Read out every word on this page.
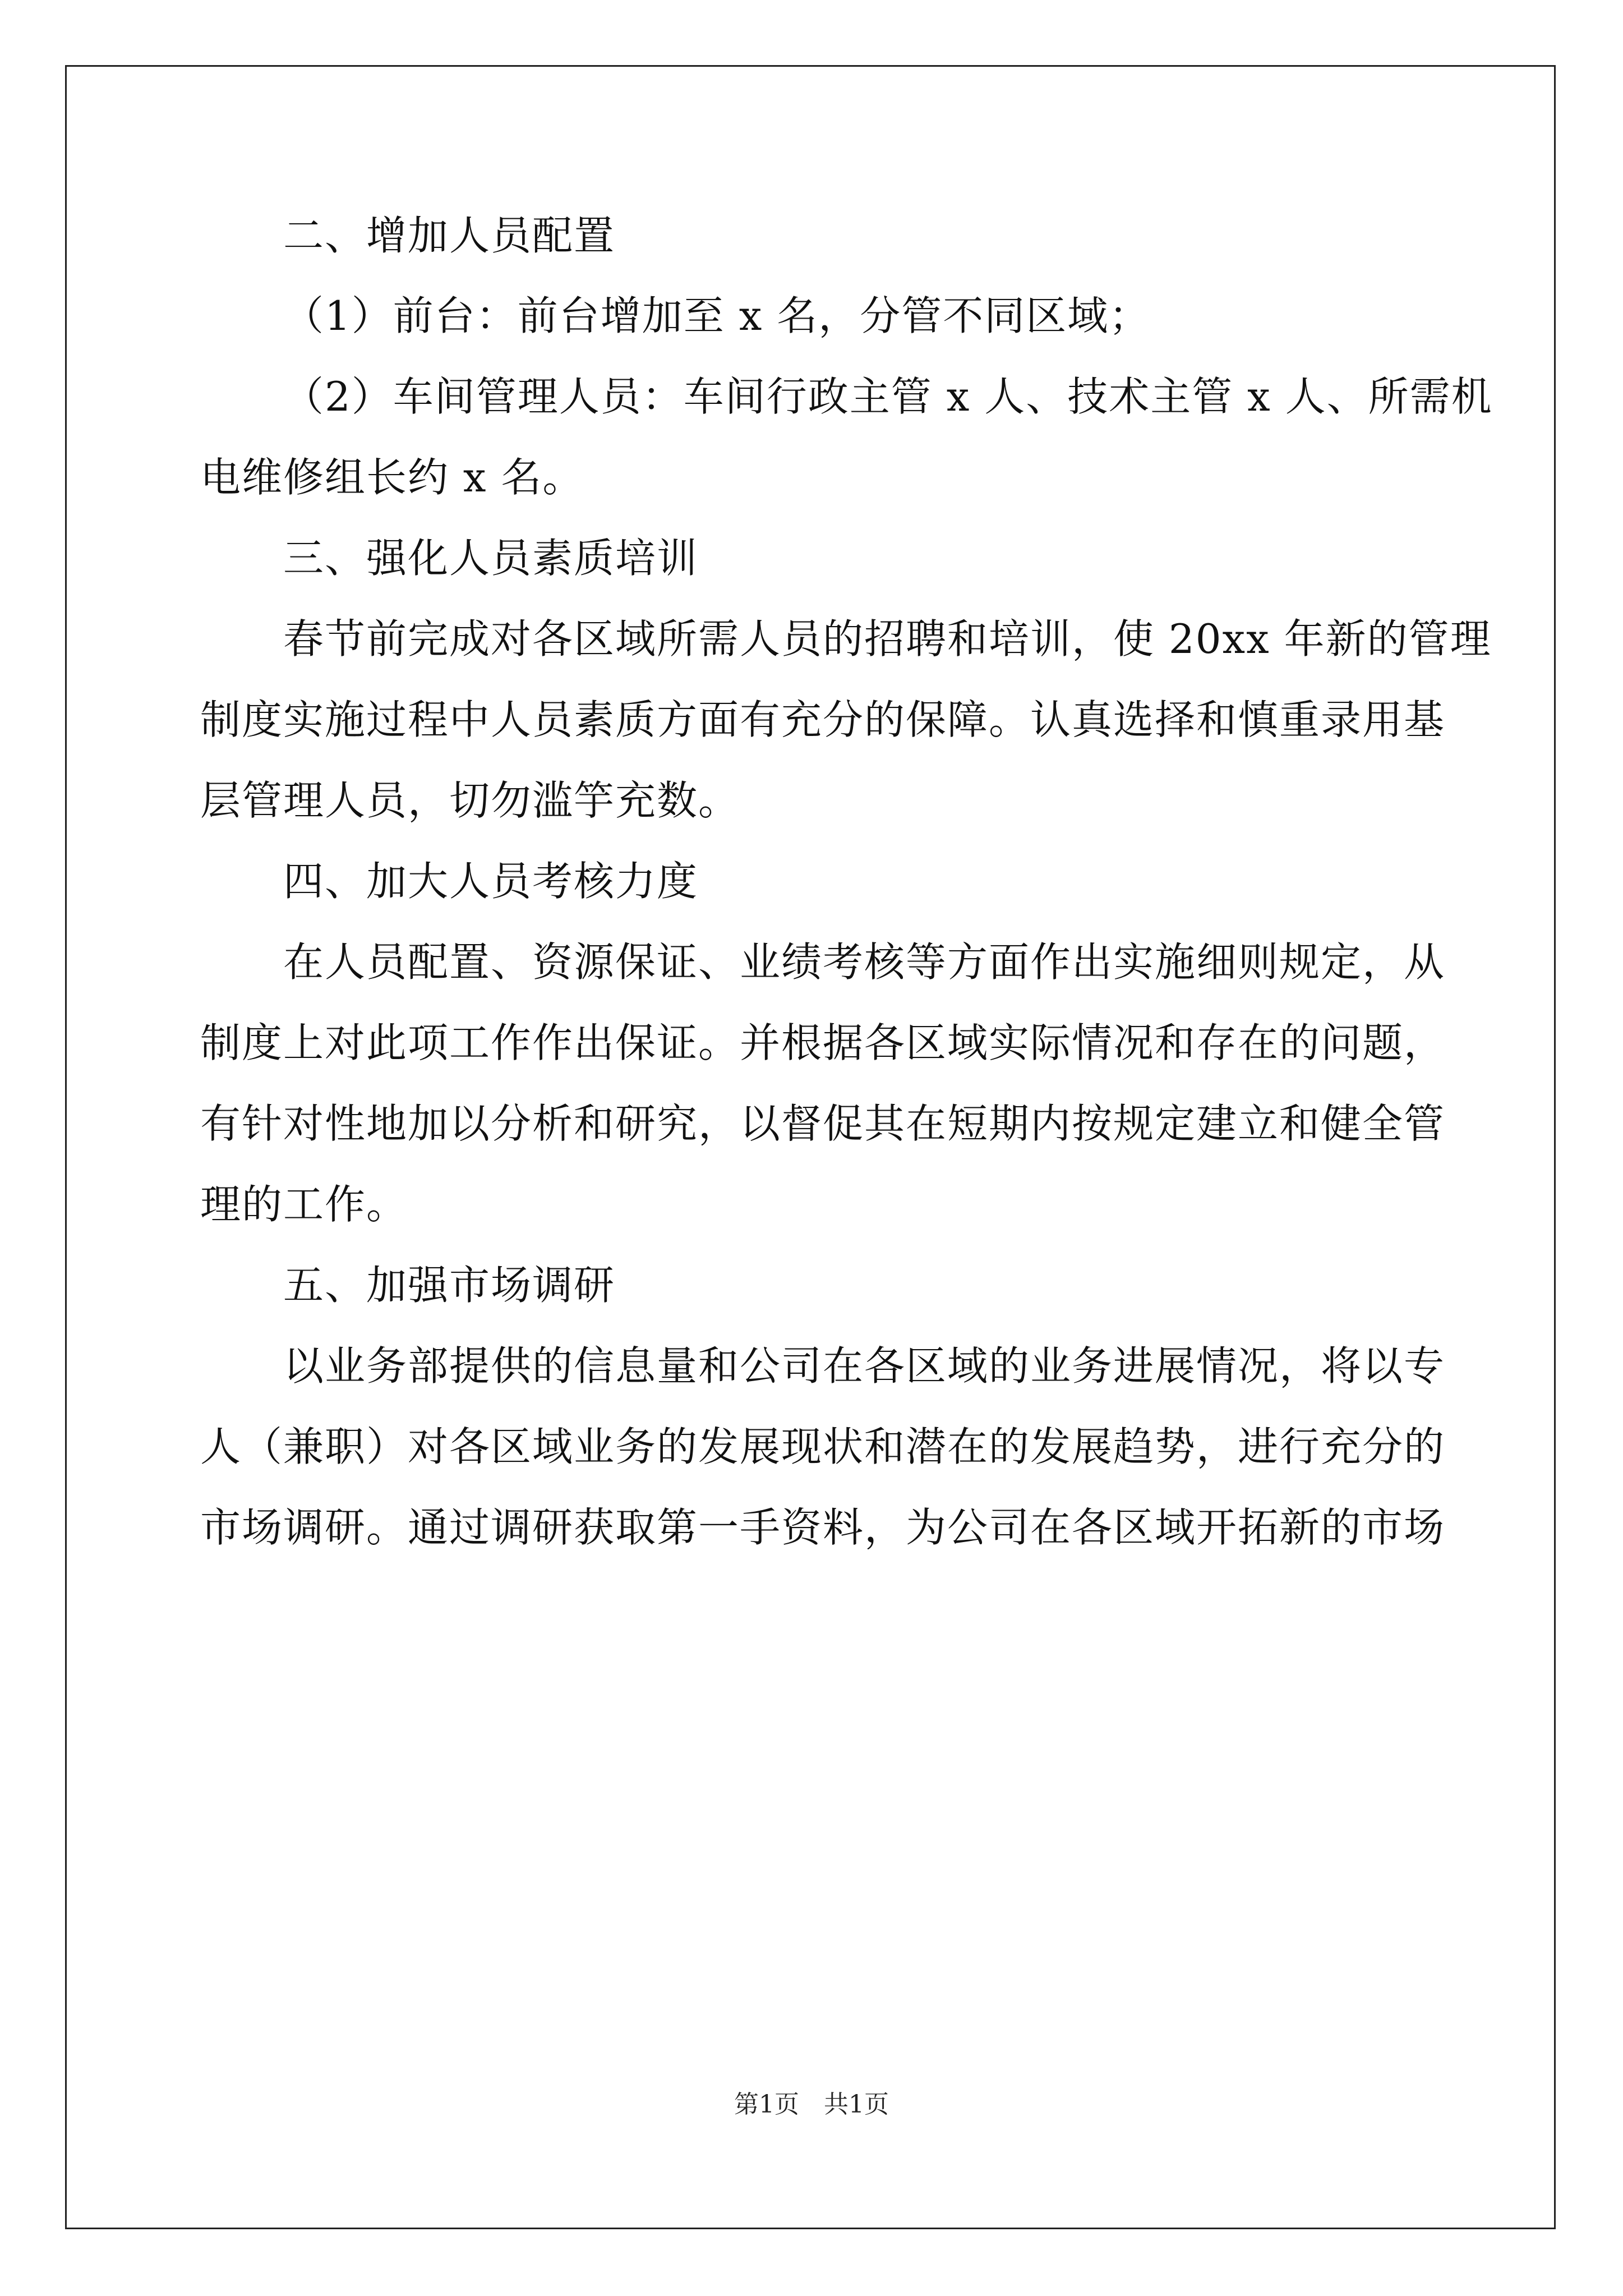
二、增加人员配置
（1）前台：前台增加至 x 名，分管不同区域；
（2）车间管理人员：车间行政主管 x 人、技术主管 x 人、所需机
电维修组长约 x 名。
三、强化人员素质培训
春节前完成对各区域所需人员的招聘和培训，使 20xx 年新的管理
制度实施过程中人员素质方面有充分的保障。认真选择和慎重录用基
层管理人员，切勿滥竽充数。
四、加大人员考核力度
在人员配置、资源保证、业绩考核等方面作出实施细则规定，从
制度上对此项工作作出保证。并根据各区域实际情况和存在的问题，
有针对性地加以分析和研究，以督促其在短期内按规定建立和健全管
理的工作。
五、加强市场调研
以业务部提供的信息量和公司在各区域的业务进展情况，将以专
人（兼职）对各区域业务的发展现状和潜在的发展趋势，进行充分的
市场调研。通过调研获取第一手资料，为公司在各区域开拓新的市场
第1页　共1页
